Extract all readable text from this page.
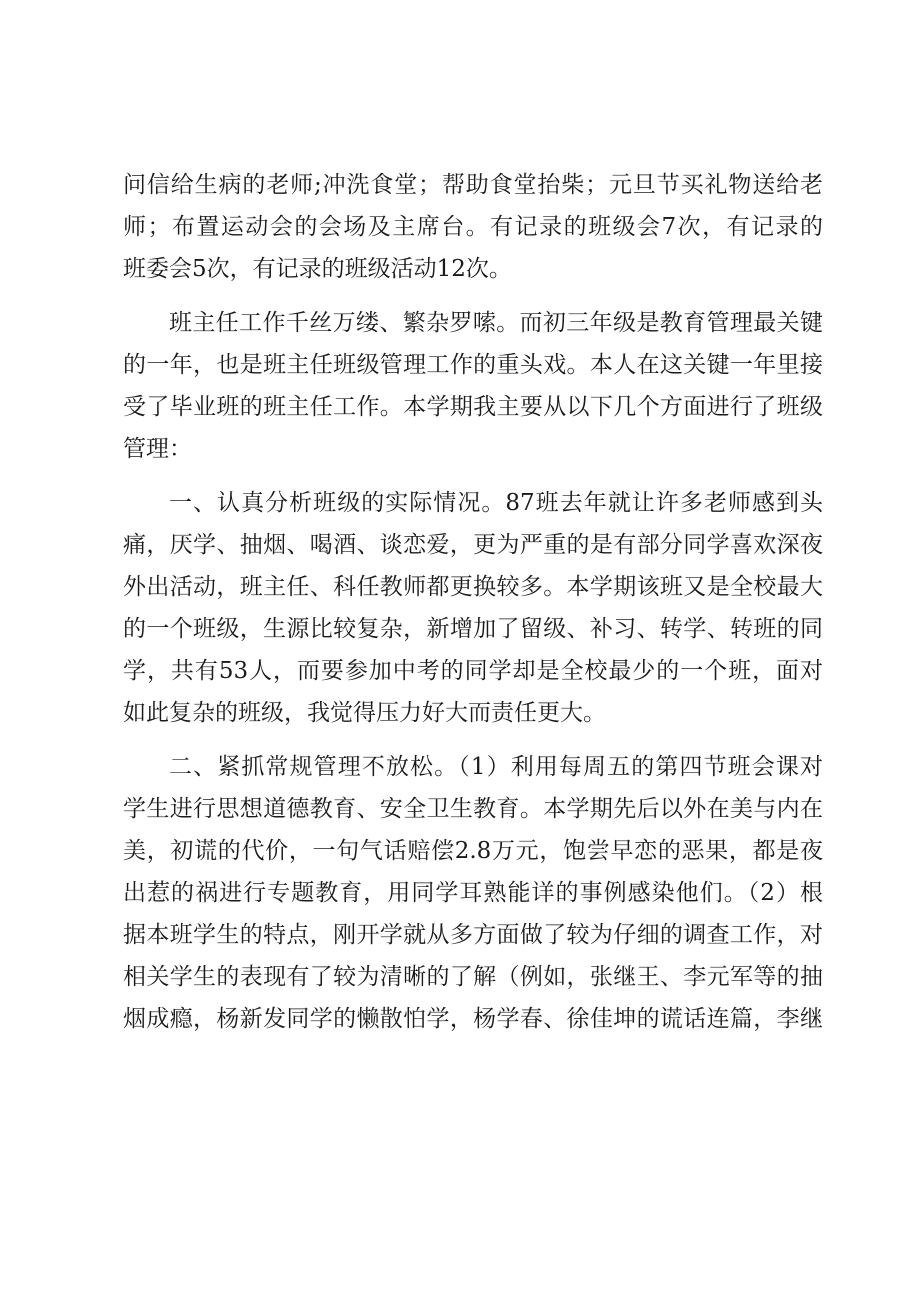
问信给生病的老师;冲洗食堂；帮助食堂抬柴；元旦节买礼物送给老
师；布置运动会的会场及主席台。有记录的班级会7次，有记录的
班委会5次，有记录的班级活动12次。

班主任工作千丝万缕、繁杂罗嗦。而初三年级是教育管理最关键
的一年，也是班主任班级管理工作的重头戏。本人在这关键一年里接
受了毕业班的班主任工作。本学期我主要从以下几个方面进行了班级
管理：

一、认真分析班级的实际情况。87班去年就让许多老师感到头
痛，厌学、抽烟、喝酒、谈恋爱，更为严重的是有部分同学喜欢深夜
外出活动，班主任、科任教师都更换较多。本学期该班又是全校最大
的一个班级，生源比较复杂，新增加了留级、补习、转学、转班的同
学，共有53人，而要参加中考的同学却是全校最少的一个班，面对
如此复杂的班级，我觉得压力好大而责任更大。

二、紧抓常规管理不放松。（1）利用每周五的第四节班会课对
学生进行思想道德教育、安全卫生教育。本学期先后以外在美与内在
美，初谎的代价，一句气话赔偿2.8万元，饱尝早恋的恶果，都是夜
出惹的祸进行专题教育，用同学耳熟能详的事例感染他们。（2）根
据本班学生的特点，刚开学就从多方面做了较为仔细的调查工作，对
相关学生的表现有了较为清晰的了解（例如，张继王、李元军等的抽
烟成瘾，杨新发同学的懒散怕学，杨学春、徐佳坤的谎话连篇，李继
